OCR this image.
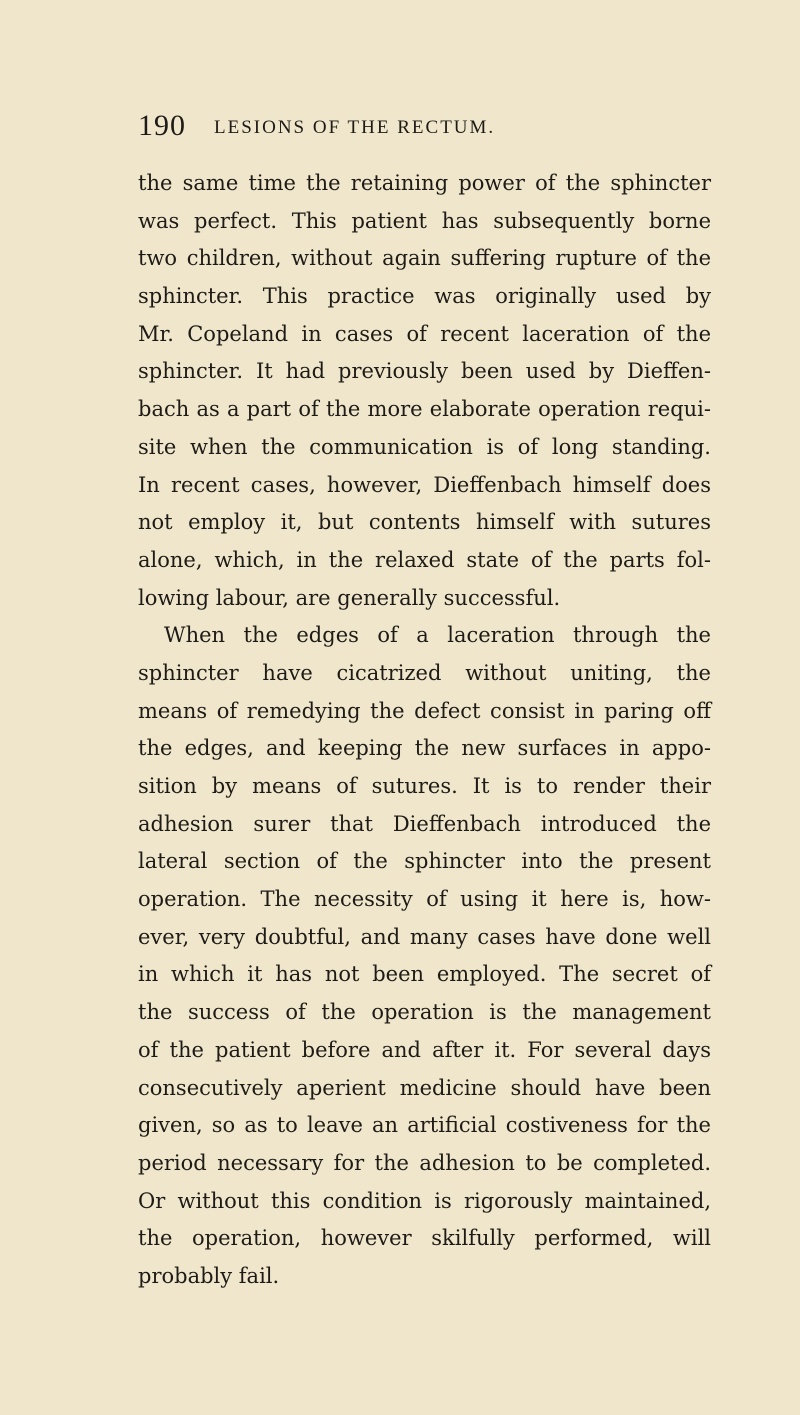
190 LESIONS OF THE RECTUM.
the same time the retaining power of the sphincter
was perfect. This patient has subsequently borne
two children, without again suffering rupture of the
sphincter. This practice was originally used by
Mr. Copeland in cases of recent laceration of the
sphincter. It had previously been used by Dieffen-
bach as a part of the more elaborate operation requi-
site when the communication is of long standing.
In recent cases, however, Dieffenbach himself does
not employ it, but contents himself with sutures
alone, which, in the relaxed state of the parts fol-
lowing labour, are generally successful.
When the edges of a laceration through the
sphincter have cicatrized without uniting, the
means of remedying the defect consist in paring off
the edges, and keeping the new surfaces in appo-
sition by means of sutures. It is to render their
adhesion surer that Dieffenbach introduced the
lateral section of the sphincter into the present
operation. The necessity of using it here is, how-
ever, very doubtful, and many cases have done well
in which it has not been employed. The secret of
the success of the operation is the management
of the patient before and after it. For several days
consecutively aperient medicine should have been
given, so as to leave an artificial costiveness for the
period necessary for the adhesion to be completed.
Or without this condition is rigorously maintained,
the operation, however skilfully performed, will
probably fail.
